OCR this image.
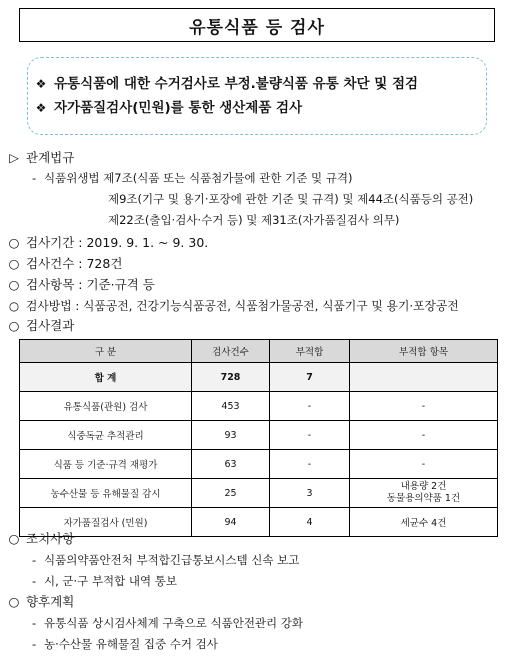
유통식품 등 검사
❖ 유통식품에 대한 수거검사로 부정.불량식품 유통 차단 및 점검
❖ 자가품질검사(민원)를 통한 생산제품 검사
▷ 관계법규
- 식품위생법 제7조(식품 또는 식품첨가물에 관한 기준 및 규격)
제9조(기구 및 용기·포장에 관한 기준 및 규격) 및 제44조(식품등의 공전)
제22조(출입·검사·수거 등) 및 제31조(자가품질검사 의무)
○ 검사기간 : 2019. 9. 1. ~ 9. 30.
○ 검사건수 : 728건
○ 검사항목 : 기준·규격 등
○ 검사방법 : 식품공전, 건강기능식품공전, 식품첨가물공전, 식품기구 및 용기·포장공전
○ 검사결과
구 분	검사건수	부적합	부적합 항목
합 계	728	7	
유통식품(관원) 검사	453	-	-
식중독균 추적관리	93	-	-
식품 등 기준·규격 재평가	63	-	-
농수산물 등 유해물질 감시	25	3	내용량 2건
동물용의약품 1건

자가품질검사 (민원)	94	4	세균수 4건
○ 조치사항
- 식품의약품안전처 부적합긴급통보시스템 신속 보고
- 시, 군·구 부적합 내역 통보
○ 향후계획
- 유통식품 상시검사체계 구축으로 식품안전관리 강화
- 농·수산물 유해물질 집중 수거 검사
